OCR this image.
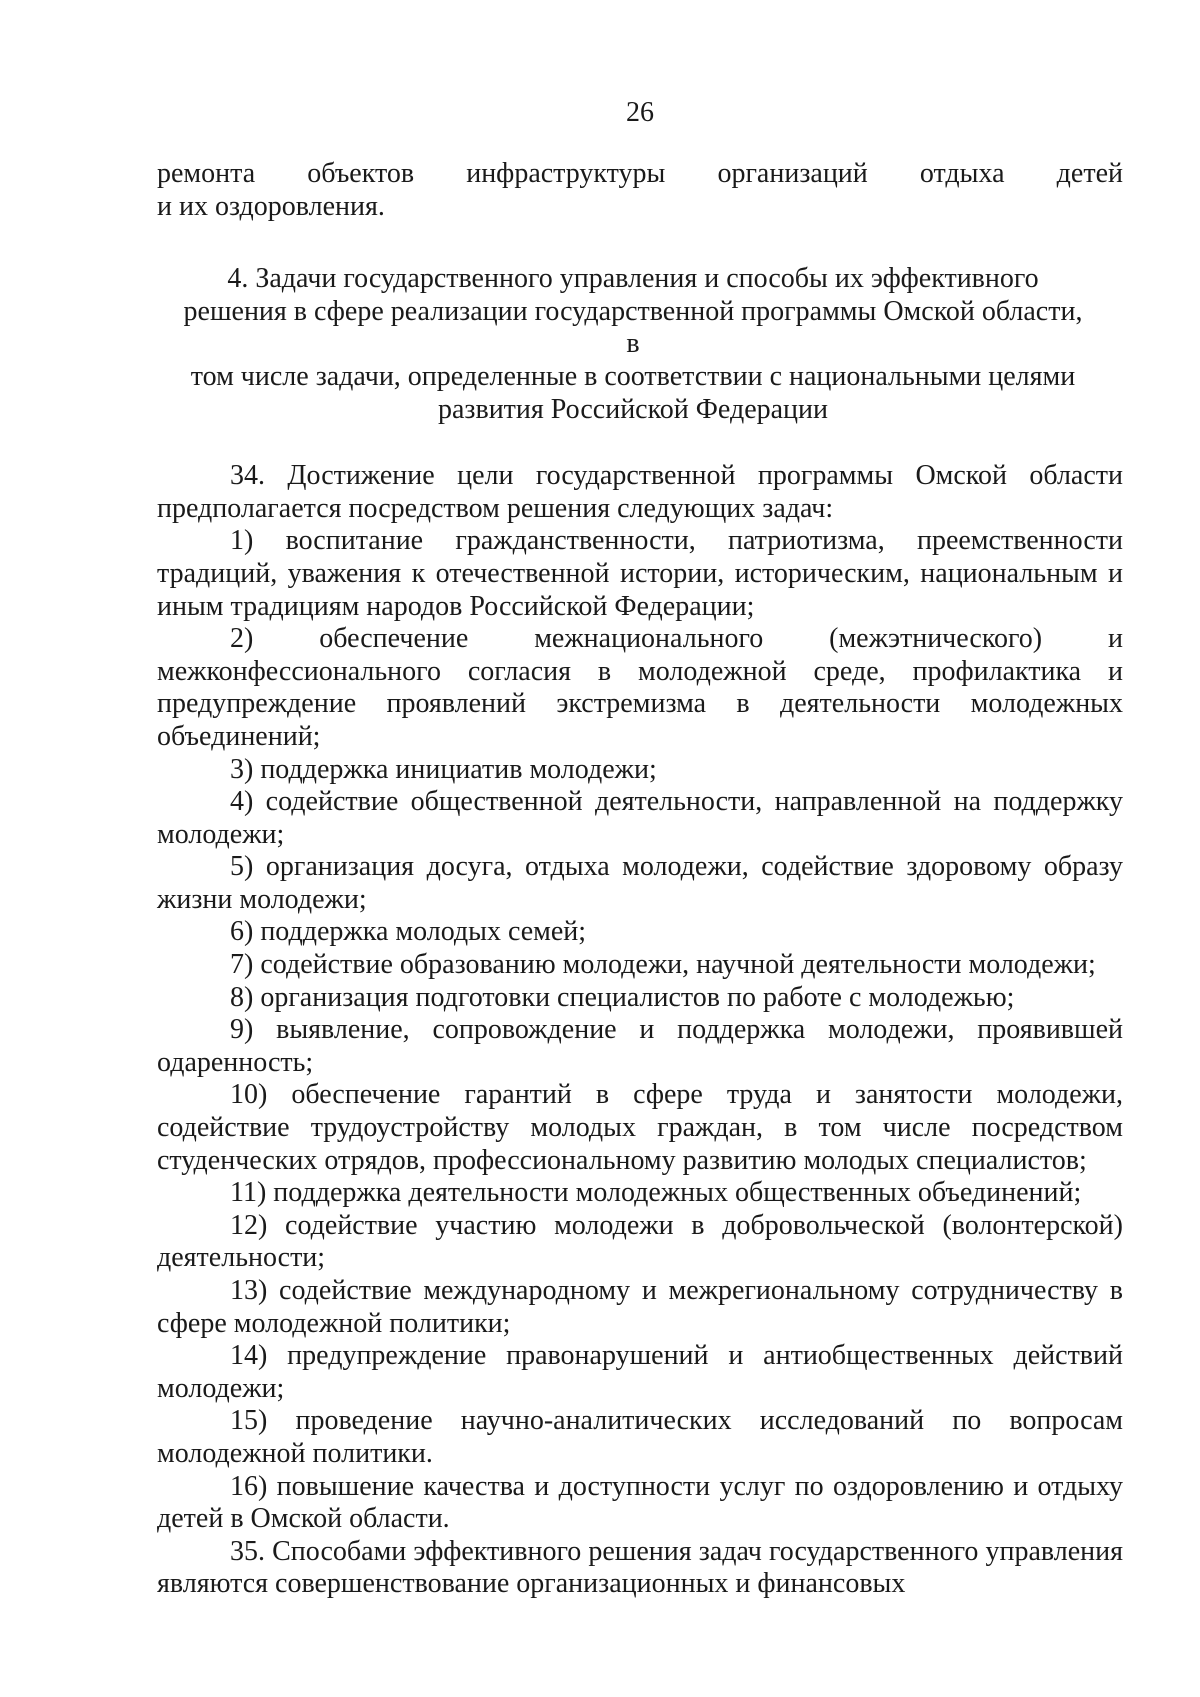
26

ремонта объектов инфраструктуры организаций отдыха детей

и их оздоровления.

4. Задачи государственного управления и способы их эффективного
решения в сфере реализации государственной программы Омской области, в
том числе задачи, определенные в соответствии с национальными целями
развития Российской Федерации

34. Достижение цели государственной программы Омской области предполагается посредством решения следующих задач:

1) воспитание гражданственности, патриотизма, преемственности традиций, уважения к отечественной истории, историческим, национальным и иным традициям народов Российской Федерации;

2) обеспечение межнационального (межэтнического) и межконфессионального согласия в молодежной среде, профилактика и предупреждение проявлений экстремизма в деятельности молодежных объединений;

3) поддержка инициатив молодежи;

4) содействие общественной деятельности, направленной на поддержку молодежи;

5) организация досуга, отдыха молодежи, содействие здоровому образу жизни молодежи;

6) поддержка молодых семей;

7) содействие образованию молодежи, научной деятельности молодежи;

8) организация подготовки специалистов по работе с молодежью;

9) выявление, сопровождение и поддержка молодежи, проявившей одаренность;

10) обеспечение гарантий в сфере труда и занятости молодежи, содействие трудоустройству молодых граждан, в том числе посредством студенческих отрядов, профессиональному развитию молодых специалистов;

11) поддержка деятельности молодежных общественных объединений;

12) содействие участию молодежи в добровольческой (волонтерской) деятельности;

13) содействие международному и межрегиональному сотрудничеству в сфере молодежной политики;

14) предупреждение правонарушений и антиобщественных действий молодежи;

15) проведение научно-аналитических исследований по вопросам молодежной политики.

16) повышение качества и доступности услуг по оздоровлению и отдыху детей в Омской области.

35. Способами эффективного решения задач государственного управления являются совершенствование организационных и финансовых
